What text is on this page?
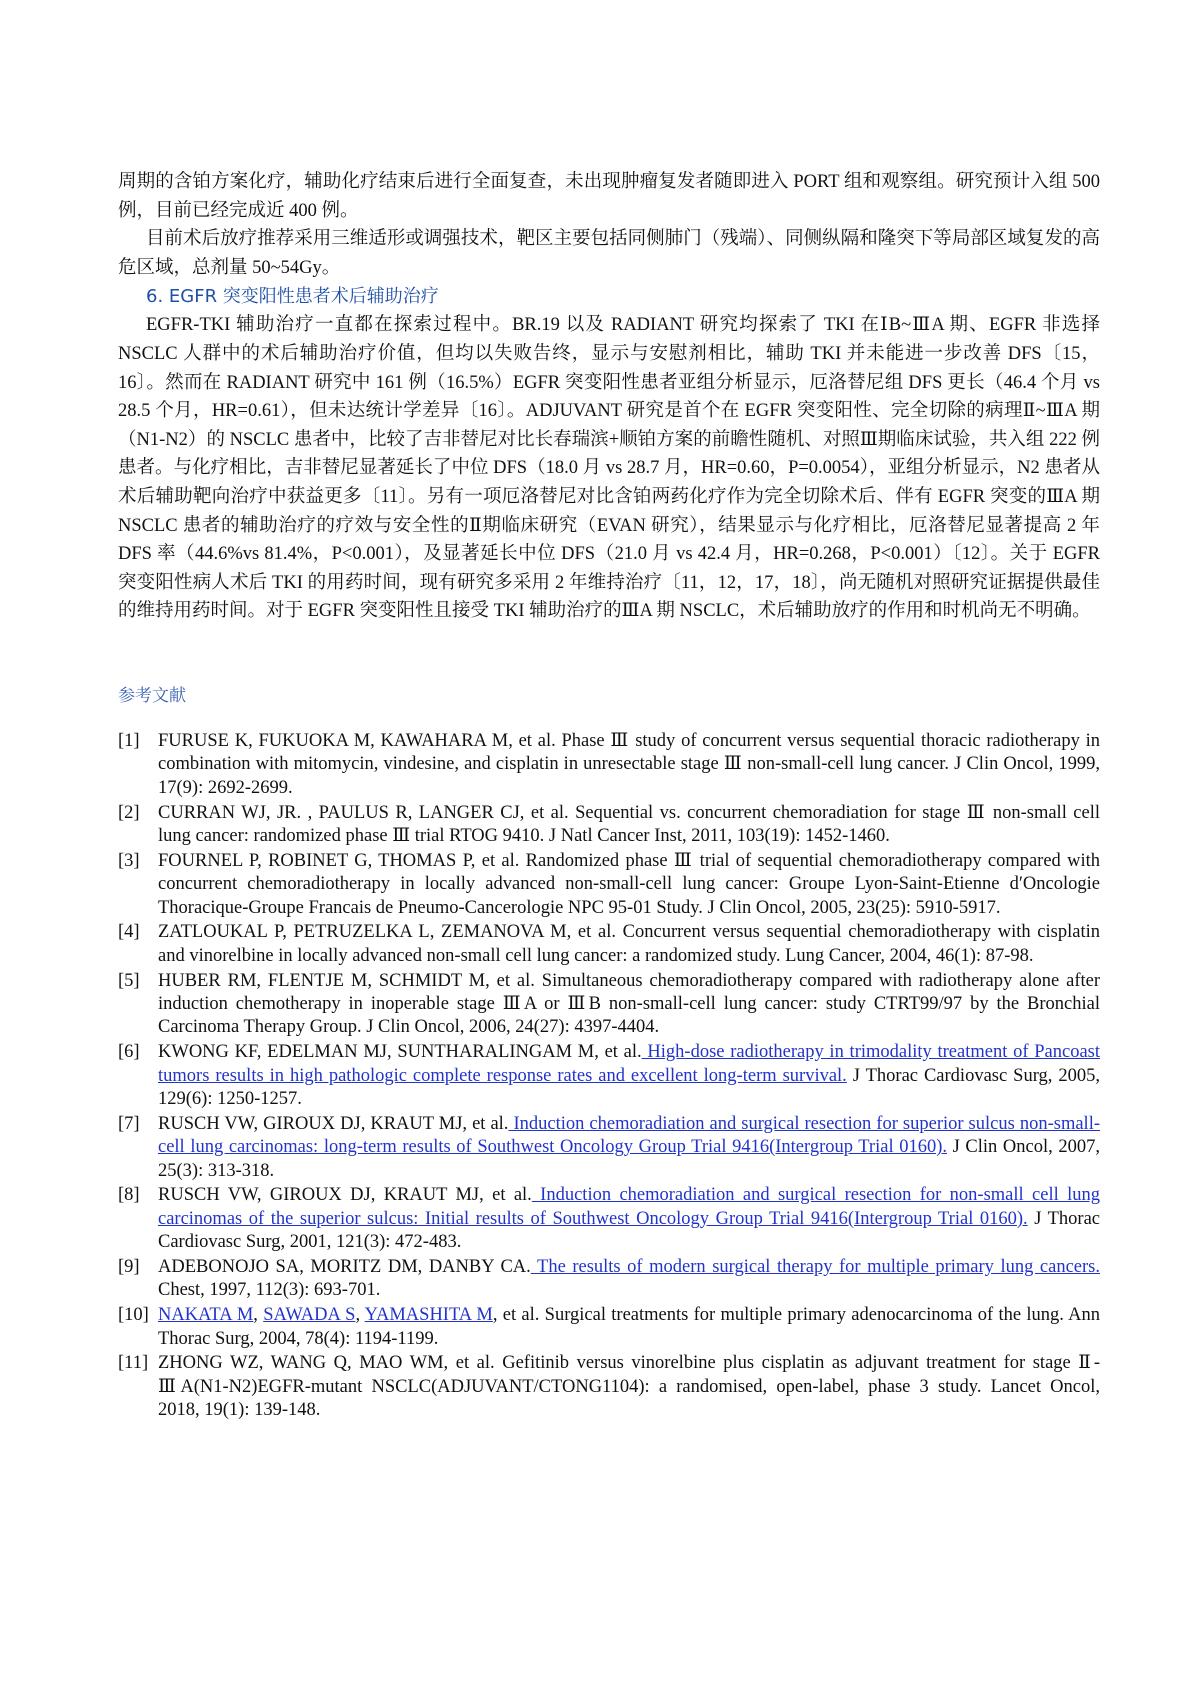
周期的含铂方案化疗，辅助化疗结束后进行全面复查，未出现肿瘤复发者随即进入 PORT 组和观察组。研究预计入组 500 例，目前已经完成近 400 例。

目前术后放疗推荐采用三维适形或调强技术，靶区主要包括同侧肺门（残端）、同侧纵隔和隆突下等局部区域复发的高危区域，总剂量 50~54Gy。

6. EGFR 突变阳性患者术后辅助治疗

EGFR-TKI 辅助治疗一直都在探索过程中。BR.19 以及 RADIANT 研究均探索了 TKI 在ⅠB~ⅢA 期、EGFR 非选择 NSCLC 人群中的术后辅助治疗价值，但均以失败告终，显示与安慰剂相比，辅助 TKI 并未能进一步改善 DFS〔15，16〕。然而在 RADIANT 研究中 161 例（16.5%）EGFR 突变阳性患者亚组分析显示，厄洛替尼组 DFS 更长（46.4 个月 vs 28.5 个月，HR=0.61），但未达统计学差异〔16〕。ADJUVANT 研究是首个在 EGFR 突变阳性、完全切除的病理Ⅱ~ⅢA 期（N1-N2）的 NSCLC 患者中，比较了吉非替尼对比长春瑞滨+顺铂方案的前瞻性随机、对照Ⅲ期临床试验，共入组 222 例患者。与化疗相比，吉非替尼显著延长了中位 DFS（18.0 月 vs 28.7 月，HR=0.60，P=0.0054），亚组分析显示，N2 患者从术后辅助靶向治疗中获益更多〔11〕。另有一项厄洛替尼对比含铂两药化疗作为完全切除术后、伴有 EGFR 突变的ⅢA 期 NSCLC 患者的辅助治疗的疗效与安全性的Ⅱ期临床研究（EVAN 研究），结果显示与化疗相比，厄洛替尼显著提高 2 年 DFS 率（44.6%vs 81.4%，P<0.001），及显著延长中位 DFS（21.0 月 vs 42.4 月，HR=0.268，P<0.001）〔12〕。关于 EGFR 突变阳性病人术后 TKI 的用药时间，现有研究多采用 2 年维持治疗〔11，12，17，18〕，尚无随机对照研究证据提供最佳的维持用药时间。对于 EGFR 突变阳性且接受 TKI 辅助治疗的ⅢA 期 NSCLC，术后辅助放疗的作用和时机尚无不明确。

参考文献
[1] FURUSE K, FUKUOKA M, KAWAHARA M, et al. Phase Ⅲ study of concurrent versus sequential thoracic radiotherapy in combination with mitomycin, vindesine, and cisplatin in unresectable stage Ⅲ non-small-cell lung cancer. J Clin Oncol, 1999, 17(9): 2692-2699.
[2] CURRAN WJ, JR. , PAULUS R, LANGER CJ, et al. Sequential vs. concurrent chemoradiation for stage Ⅲ non-small cell lung cancer: randomized phase Ⅲ trial RTOG 9410. J Natl Cancer Inst, 2011, 103(19): 1452-1460.
[3] FOURNEL P, ROBINET G, THOMAS P, et al. Randomized phase Ⅲ trial of sequential chemoradiotherapy compared with concurrent chemoradiotherapy in locally advanced non-small-cell lung cancer: Groupe Lyon-Saint-Etienne d′Oncologie Thoracique-Groupe Francais de Pneumo-Cancerologie NPC 95-01 Study. J Clin Oncol, 2005, 23(25): 5910-5917.
[4] ZATLOUKAL P, PETRUZELKA L, ZEMANOVA M, et al. Concurrent versus sequential chemoradiotherapy with cisplatin and vinorelbine in locally advanced non-small cell lung cancer: a randomized study. Lung Cancer, 2004, 46(1): 87-98.
[5] HUBER RM, FLENTJE M, SCHMIDT M, et al. Simultaneous chemoradiotherapy compared with radiotherapy alone after induction chemotherapy in inoperable stage ⅢA or ⅢB non-small-cell lung cancer: study CTRT99/97 by the Bronchial Carcinoma Therapy Group. J Clin Oncol, 2006, 24(27): 4397-4404.
[6] KWONG KF, EDELMAN MJ, SUNTHARALINGAM M, et al. High-dose radiotherapy in trimodality treatment of Pancoast tumors results in high pathologic complete response rates and excellent long-term survival. J Thorac Cardiovasc Surg, 2005, 129(6): 1250-1257.
[7] RUSCH VW, GIROUX DJ, KRAUT MJ, et al. Induction chemoradiation and surgical resection for superior sulcus non-small-cell lung carcinomas: long-term results of Southwest Oncology Group Trial 9416(Intergroup Trial 0160). J Clin Oncol, 2007, 25(3): 313-318.
[8] RUSCH VW, GIROUX DJ, KRAUT MJ, et al. Induction chemoradiation and surgical resection for non-small cell lung carcinomas of the superior sulcus: Initial results of Southwest Oncology Group Trial 9416(Intergroup Trial 0160). J Thorac Cardiovasc Surg, 2001, 121(3): 472-483.
[9] ADEBONOJO SA, MORITZ DM, DANBY CA. The results of modern surgical therapy for multiple primary lung cancers. Chest, 1997, 112(3): 693-701.
[10] NAKATA M, SAWADA S, YAMASHITA M, et al. Surgical treatments for multiple primary adenocarcinoma of the lung. Ann Thorac Surg, 2004, 78(4): 1194-1199.
[11] ZHONG WZ, WANG Q, MAO WM, et al. Gefitinib versus vinorelbine plus cisplatin as adjuvant treatment for stage Ⅱ-ⅢA(N1-N2)EGFR-mutant NSCLC(ADJUVANT/CTONG1104): a randomised, open-label, phase 3 study. Lancet Oncol, 2018, 19(1): 139-148.
